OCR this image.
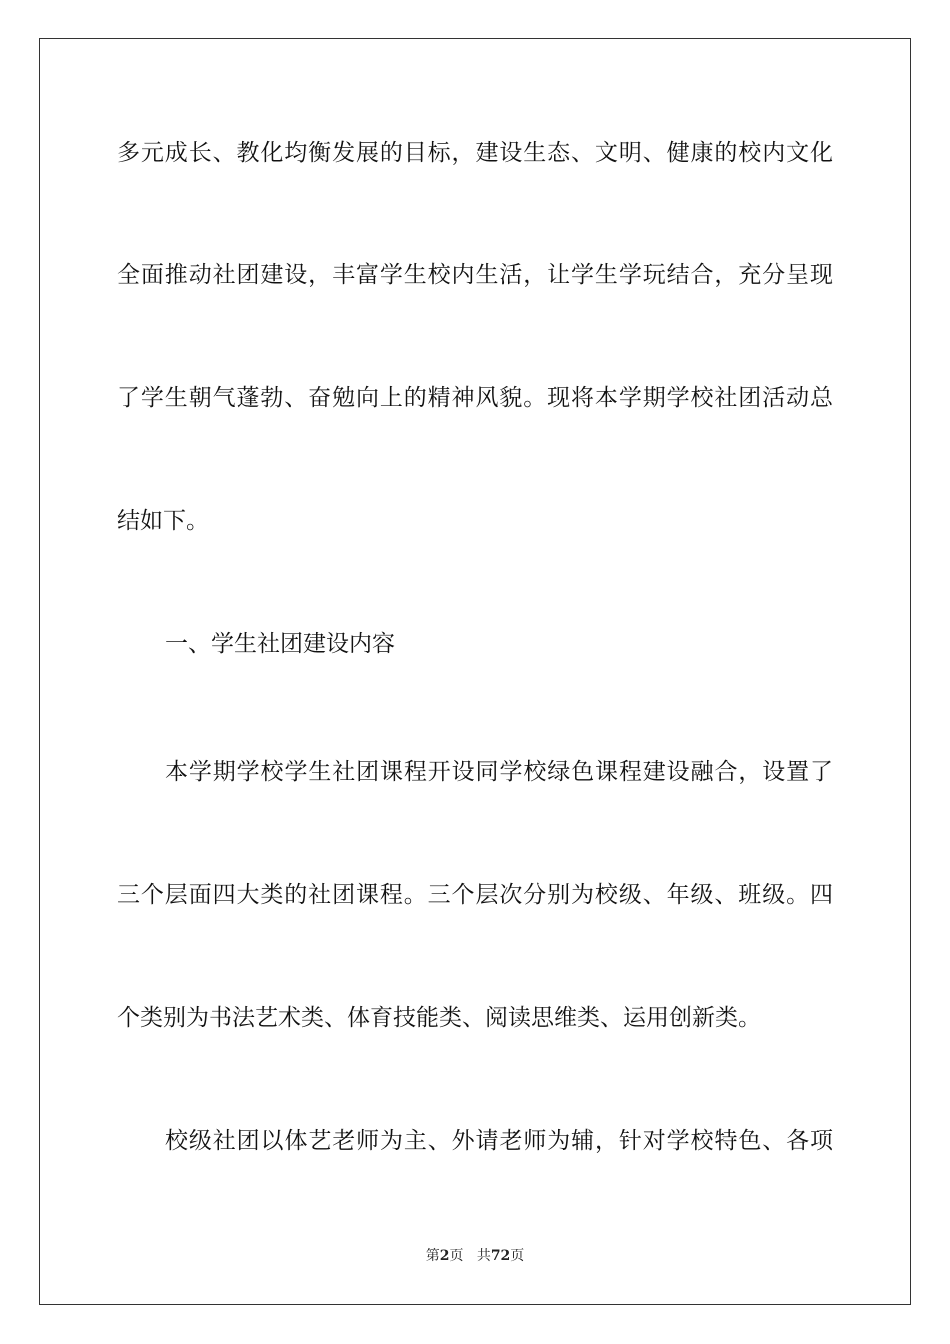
多元成长、教化均衡发展的目标，建设生态、文明、健康的校内文化
全面推动社团建设，丰富学生校内生活，让学生学玩结合，充分呈现
了学生朝气蓬勃、奋勉向上的精神风貌。现将本学期学校社团活动总
结如下。
一、学生社团建设内容
本学期学校学生社团课程开设同学校绿色课程建设融合，设置了
三个层面四大类的社团课程。三个层次分别为校级、年级、班级。四
个类别为书法艺术类、体育技能类、阅读思维类、运用创新类。
校级社团以体艺老师为主、外请老师为辅，针对学校特色、各项
第2页 共72页
